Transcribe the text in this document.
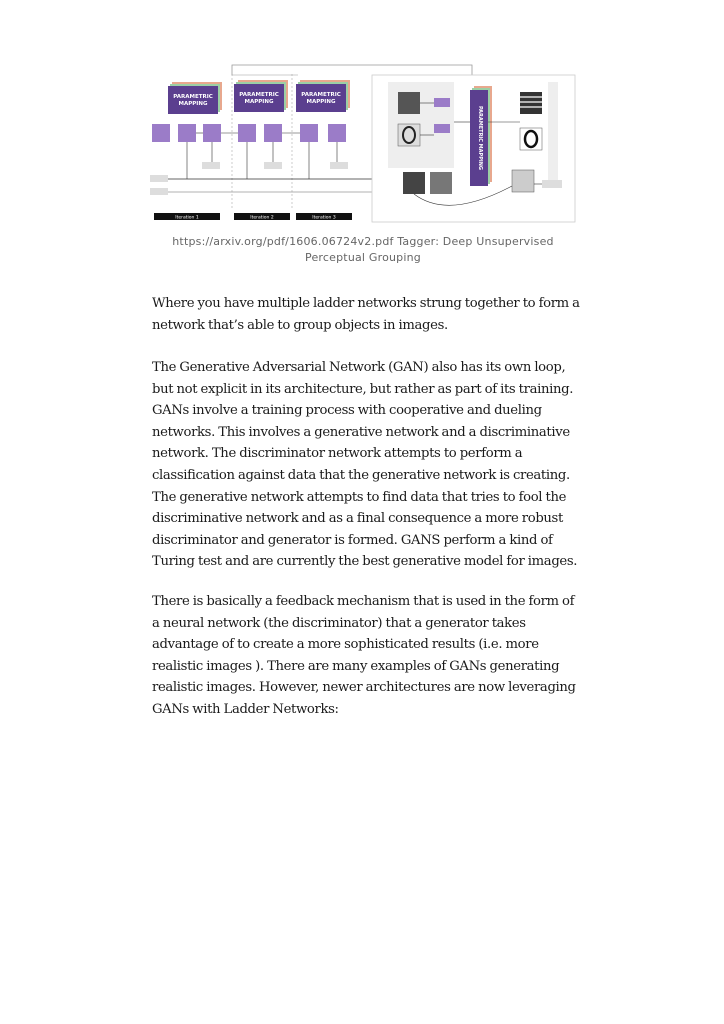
PARAMETRIC
MAPPING
PARAMETRIC
MAPPING
PARAMETRIC
MAPPING
Iteration 1	Iteration 2	Iteration 3
PARAMETRIC MAPPING
https://arxiv.org/pdf/1606.06724v2.pdf Tagger: Deep Unsupervised
Perceptual Grouping

Where you have multiple ladder networks strung together to form a network that’s able to group objects in images.

The Generative Adversarial Network (GAN) also has its own loop, but not explicit in its architecture, but rather as part of its training. GANs involve a training process with cooperative and dueling networks. This involves a generative network and a discriminative network. The discriminator network attempts to perform a classification against data that the generative network is creating. The generative network attempts to find data that tries to fool the discriminative network and as a final consequence a more robust discriminator and generator is formed. GANS perform a kind of Turing test and are currently the best generative model for images.

There is basically a feedback mechanism that is used in the form of a neural network (the discriminator) that a generator takes advantage of to create a more sophisticated results (i.e. more realistic images ). There are many examples of GANs generating realistic images. However, newer architectures are now leveraging GANs with Ladder Networks:
